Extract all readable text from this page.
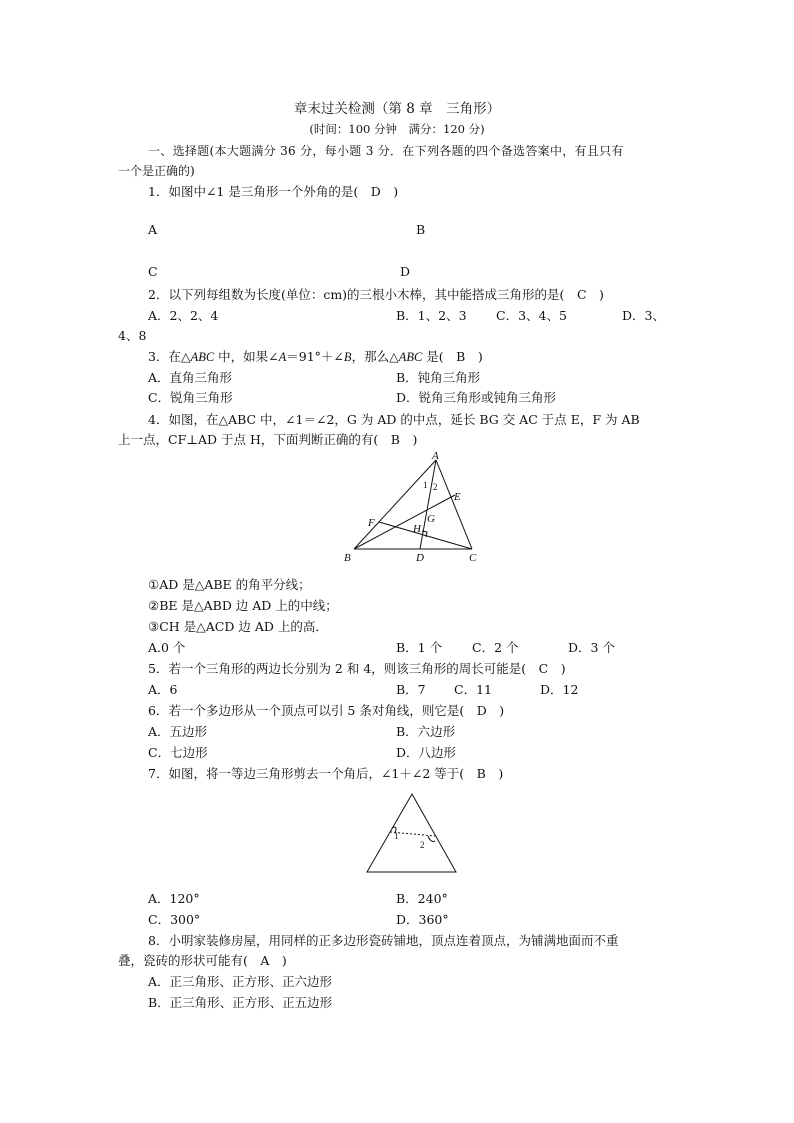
章末过关检测（第 8 章　三角形）
(时间：100 分钟　满分：120 分)
一、选择题(本大题满分 36 分，每小题 3 分．在下列各题的四个备选答案中，有且只有
一个是正确的)
1．如图中∠1 是三角形一个外角的是(　D　)
A	B
C	D
2．以下列每组数为长度(单位：cm)的三根小木棒，其中能搭成三角形的是(　C　)
A．2、2、4	B．1、2、3 C．3、4、5	D．3、
4、8
3．在△ABC 中，如果∠A＝91°＋∠B，那么△ABC 是(　B　)
A．直角三角形	B．钝角三角形
C．锐角三角形	D．锐角三角形或钝角三角形
4．如图，在△ABC 中，∠1＝∠2，G 为 AD 的中点，延长 BG 交 AC 于点 E，F 为 AB
上一点，CF⊥AD 于点 H，下面判断正确的有(　B　)
A
B	C
D
E
F	G
H
1 2
①AD 是△ABE 的角平分线；
②BE 是△ABD 边 AD 上的中线；
③CH 是△ACD 边 AD 上的高．
A.0 个	B．1 个 C．2 个	D．3 个
5．若一个三角形的两边长分别为 2 和 4，则该三角形的周长可能是(　C　)
A．6	B．7 C．11	D．12
6．若一个多边形从一个顶点可以引 5 条对角线，则它是(　D　)
A．五边形	B．六边形
C．七边形	D．八边形
7．如图，将一等边三角形剪去一个角后，∠1＋∠2 等于(　B　)
1
2
A．120°	B．240°
C．300°	D．360°
8．小明家装修房屋，用同样的正多边形瓷砖铺地，顶点连着顶点，为铺满地面而不重
叠，瓷砖的形状可能有(　A　)
A．正三角形、正方形、正六边形
B．正三角形、正方形、正五边形
